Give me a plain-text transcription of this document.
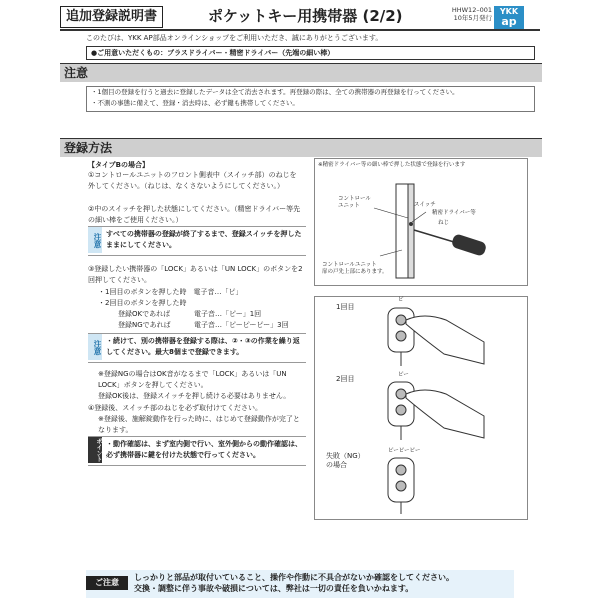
追加登録説明書	ポケットキー用携帯器 (2/2)	HHW12–001
10年5月発行
YKK
ap
このたびは、YKK AP部品オンラインショップをご利用いただき、誠にありがとうございます。
●ご用意いただくもの：プラスドライバー・精密ドライバー（先端の細い棒）
注意
・1個目の登録を行うと過去に登録したデータは全て消去されます。再登録の際は、全ての携帯器の再登録を行ってください。
・不測の事態に備えて、登録・消去時は、必ず鍵も携帯してください。
登録方法
【タイプBの場合】
①コントロールユニットのフロント側表中（スイッチ部）のねじを外してください。（ねじは、なくさないようにしてください。）
②中のスイッチを押した状態にしてください。（精密ドライバー等先の細い棒をご使用ください。）
注意 すべての携帯器の登録が終了するまで、登録スイッチを押したままにしてください。
③登録したい携帯器の「LOCK」あるいは「UN LOCK」のボタンを2回押してください。
・1回目のボタンを押した時　電子音…「ピ」
・2回目のボタンを押した時
登録OKであれば	電子音…「ピー」1回
登録NGであれば	電子音…「ピーピーピー」3回
注意 ・続けて、別の携帯器を登録する際は、②・③の作業を繰り返してください。最大8個まで登録できます。
※登録NGの場合はOK音がなるまで「LOCK」あるいは「UN LOCK」ボタンを押してください。
登録OK後は、登録スイッチを押し続ける必要はありません。
④登録後、スイッチ部のねじを必ず取付けてください。
※登録後、施解錠動作を行った時に、はじめて登録動作が完了となります。
ポイント ・動作確認は、まず室内側で行い、室外側からの動作確認は、必ず携帯器に鍵を付けた状態で行ってください。
※精密ドライバー等の細い棒で押した状態で登録を行います
コントロール
ユニット	スイッチ
精密ドライバー等
ねじ
コントロールユニット
扉の戸先上部にあります。
1回目
ピ
2回目	ピー
失敗（NG）
の場合
ピーピーピー
ご注意
しっかりと部品が取付いていること、操作や作動に不具合がないか確認をしてください。
交換・調整に伴う事故や破損については、弊社は一切の責任を負いかねます。
